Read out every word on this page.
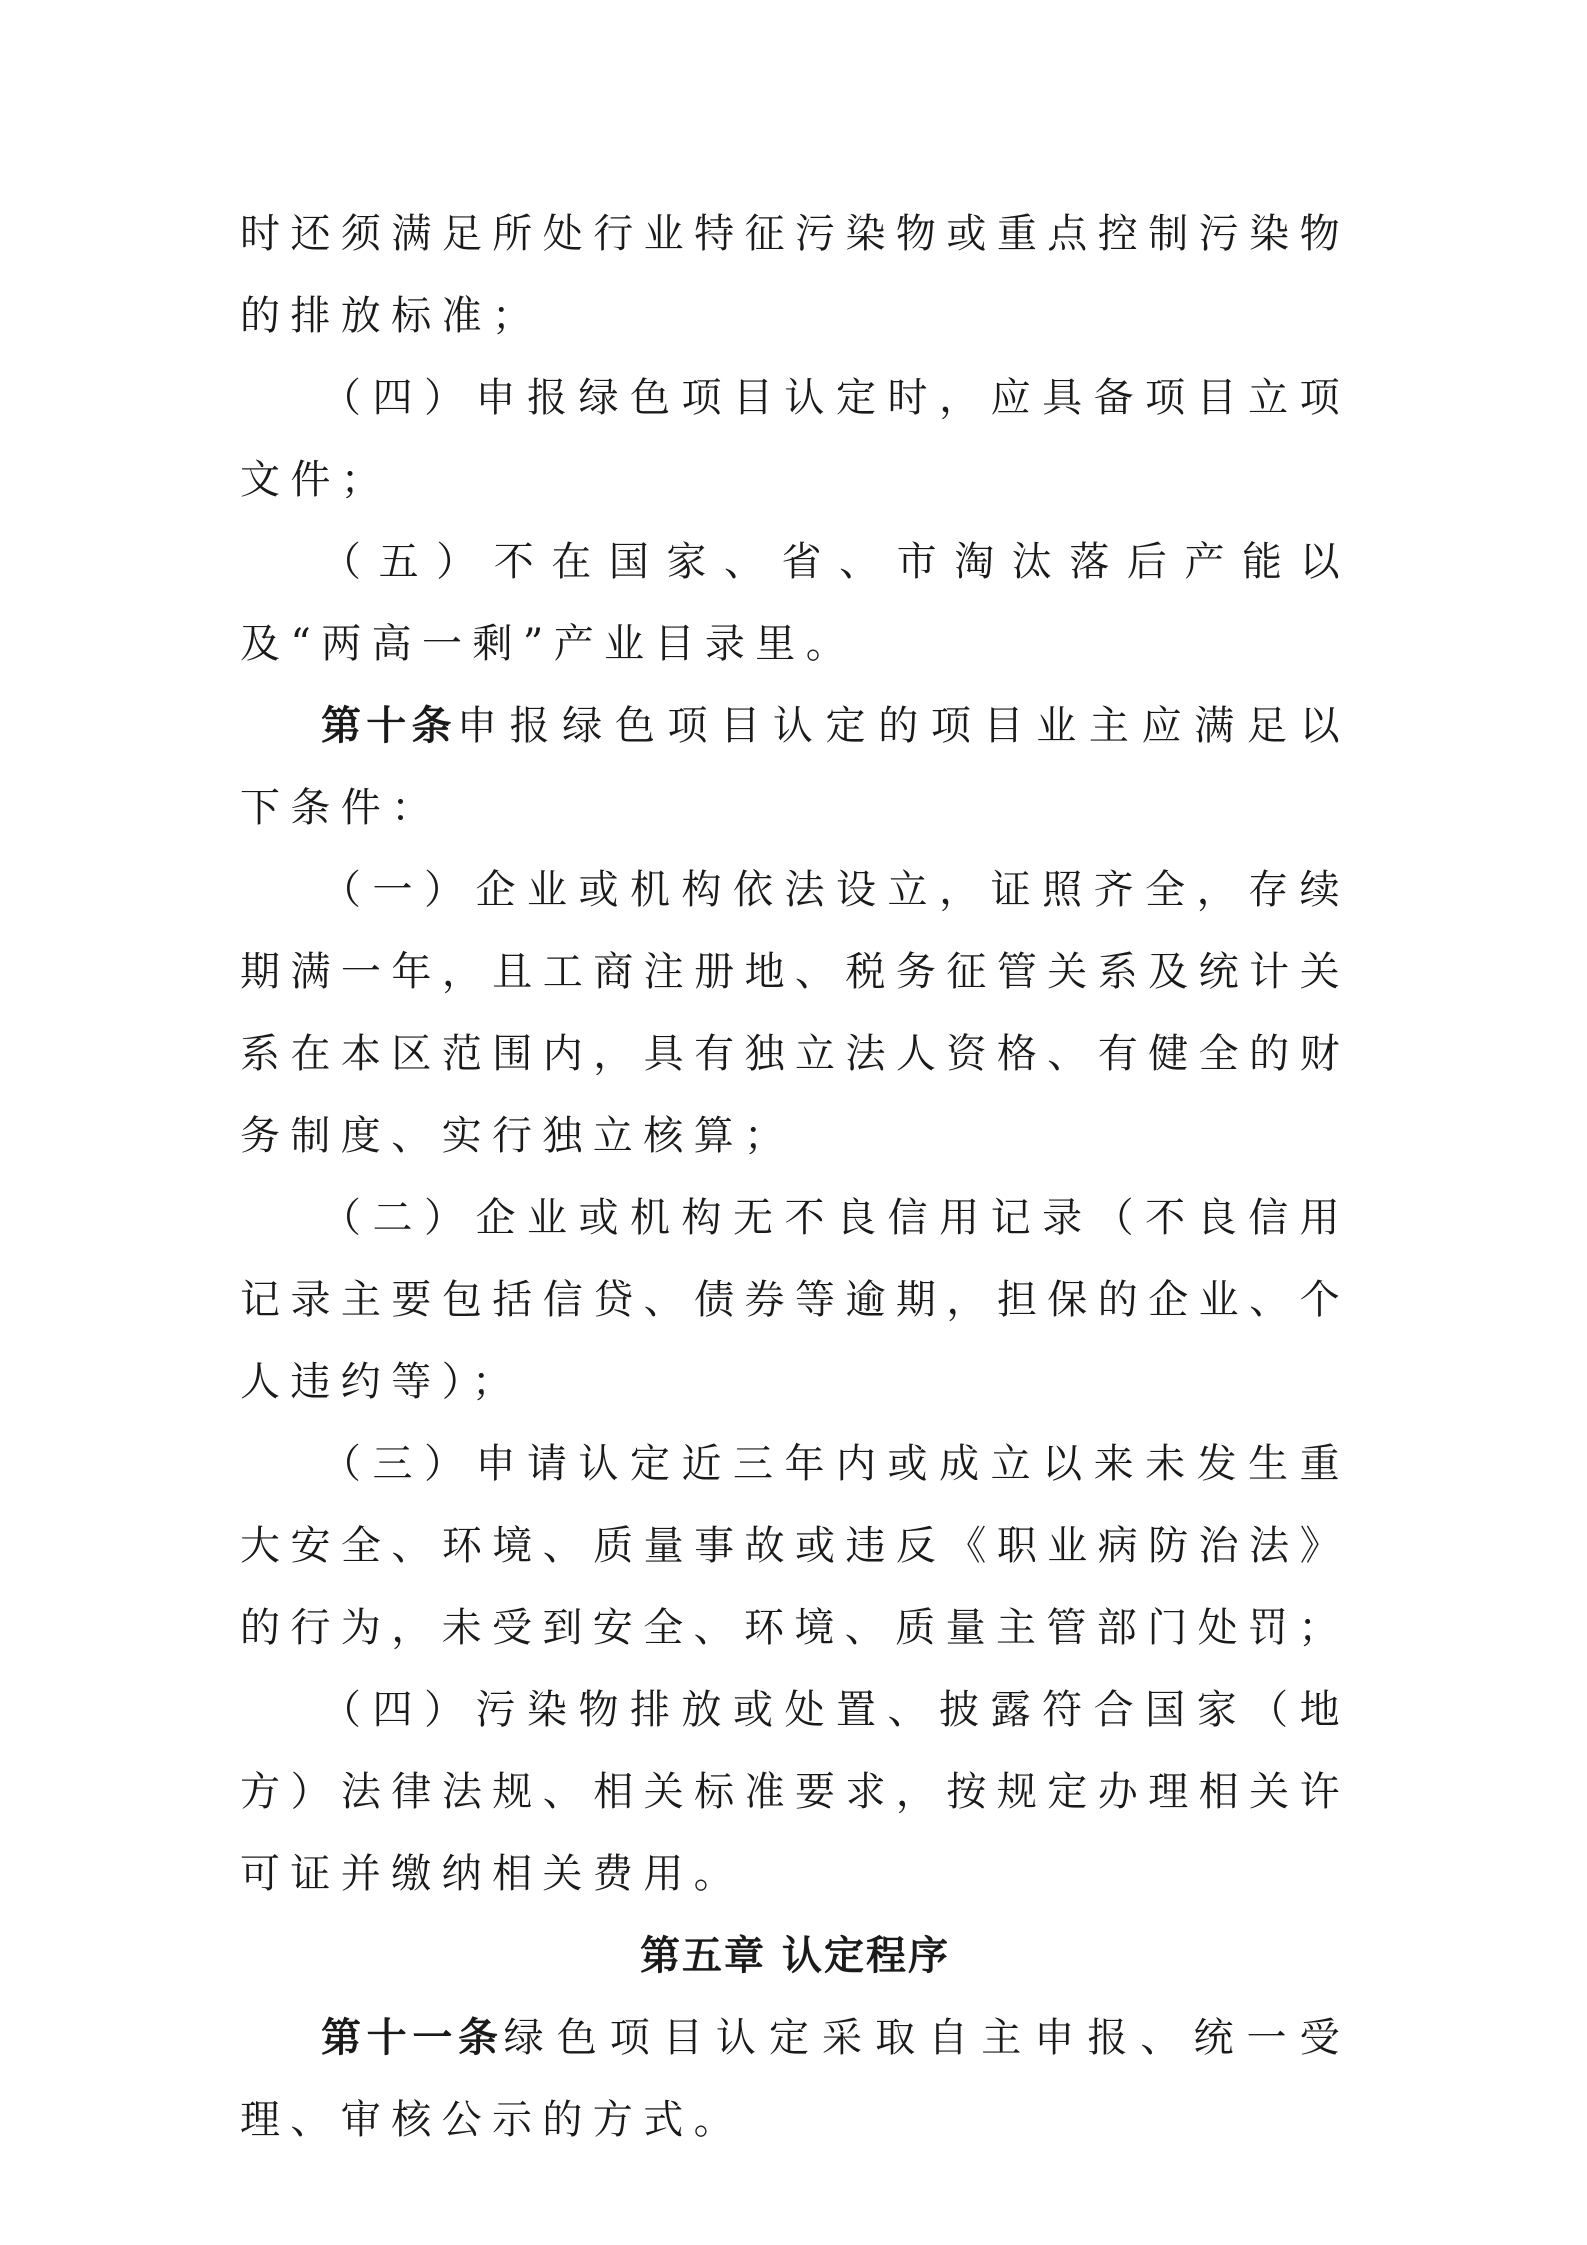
时还须满足所处行业特征污染物或重点控制污染物的排放标准；

（四）申报绿色项目认定时，应具备项目立项文件；

（五）不在国家、省、市淘汰落后产能以及“两高一剩”产业目录里。

第十条申报绿色项目认定的项目业主应满足以下条件：

（一）企业或机构依法设立，证照齐全，存续期满一年，且工商注册地、税务征管关系及统计关系在本区范围内，具有独立法人资格、有健全的财务制度、实行独立核算；

（二）企业或机构无不良信用记录（不良信用记录主要包括信贷、债券等逾期，担保的企业、个人违约等）；

（三）申请认定近三年内或成立以来未发生重大安全、环境、质量事故或违反《职业病防治法》的行为，未受到安全、环境、质量主管部门处罚；

（四）污染物排放或处置、披露符合国家（地方）法律法规、相关标准要求，按规定办理相关许可证并缴纳相关费用。

第五章 认定程序

第十一条绿色项目认定采取自主申报、统一受理、审核公示的方式。
